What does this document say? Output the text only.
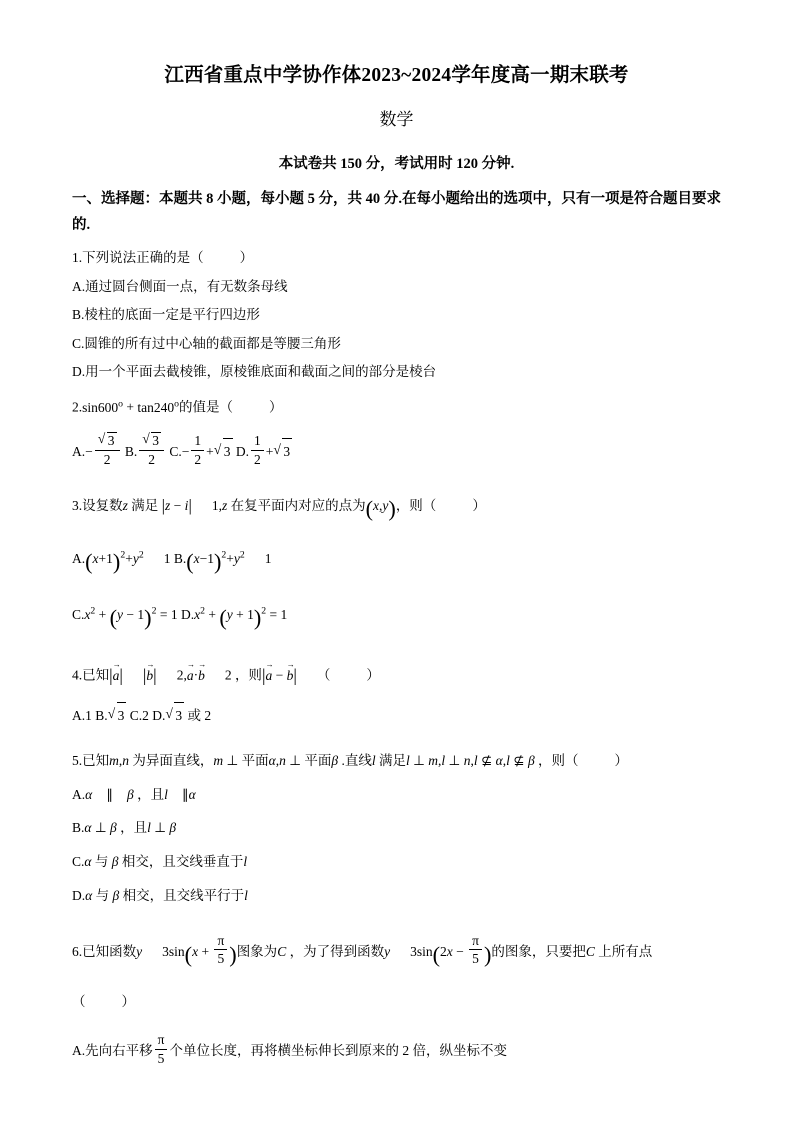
江西省重点中学协作体2023~2024学年度高一期末联考
数学
本试卷共 150 分，考试用时 120 分钟.
一、选择题：本题共 8 小题，每小题 5 分，共 40 分.在每小题给出的选项中，只有一项是符合题目要求的.
1.下列说法正确的是（	）
A.通过圆台侧面一点，有无数条母线
B.棱柱的底面一定是平行四边形
C.圆锥的所有过中心轴的截面都是等腰三角形
D.用一个平面去截棱锥，原棱锥底面和截面之间的部分是棱台
$2.\sin 600^o + \tan 240^o$的值是（	）
A.− √ $\frac{3}{2} B$. √ $\frac{3}{2} C.- \frac{1}{2}$ + √ 3 D. $\frac{1}{2}$ + √ 3
3.设复数z 满足 |z − i| 1,z 在复平面内对应的点为(x,y)，则（	）
$A.(x+1)^2+y^2$ 1 $B.(x-1)^2+y^2$ 1
$C.x^2 + (y - 1)^2 = 1$ $D.x^2 + (y + 1)^2 = 1$
4.已知|a →| |b →| 2,a →·b → 2 ，则|a → − b →| （	）
A.1 B. √ 3 C.2 D. √ 3 或 2
5.已知m,n 为异面直线，m ⊥ 平面α,n ⊥ 平面β .直线l 满足l ⊥ m,l ⊥ n,l ⊈ α,l ⊈ β ，则（	）
A.α ∥ β ，且l ∥α
B.α ⊥ β ，且l ⊥ β
C.α 与 β 相交，且交线垂直于l
D.α 与 β 相交，且交线平行于l
6.已知函数y $3\sin(x + \frac{\pi}{5}$ )图象为C ，为了得到函数y $3\sin(2x - \frac{\pi}{5}$ )的图象，只要把C 上所有点
（	）
A.先向右平移 $\frac{\pi}{5}$ 个单位长度，再将横坐标伸长到原来的 2 倍，纵坐标不变
